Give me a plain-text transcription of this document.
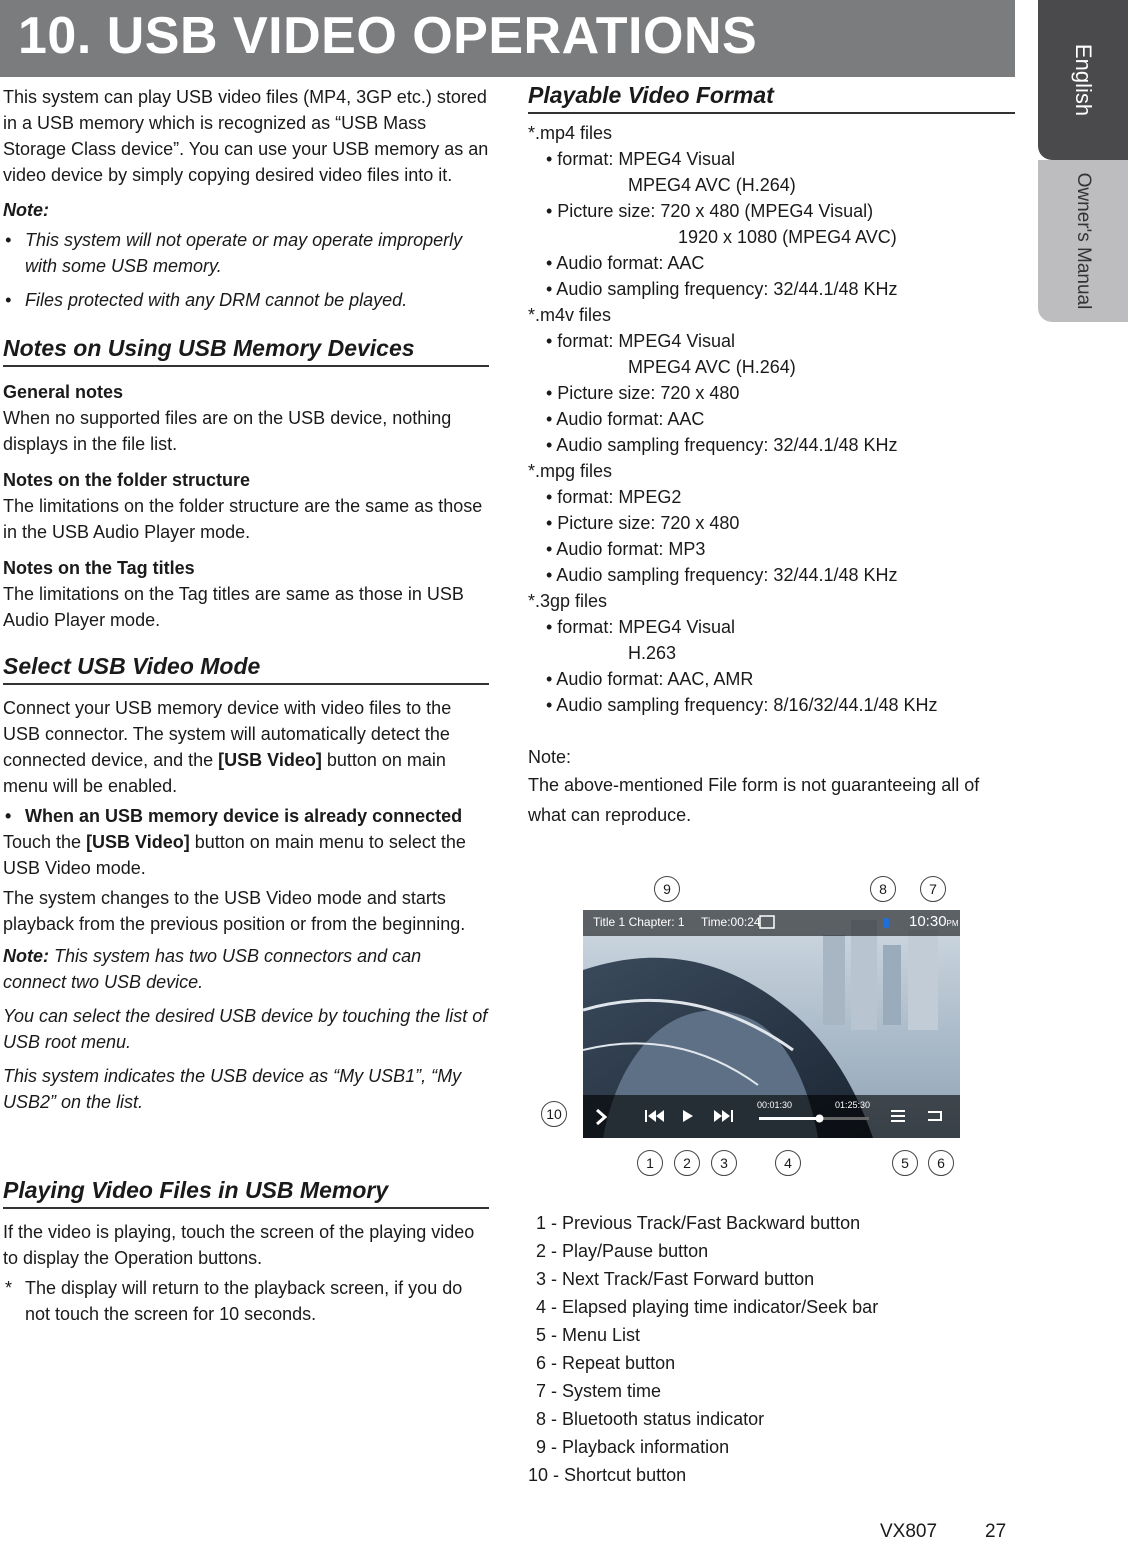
10. USB VIDEO OPERATIONS
English
Owner's Manual

This system can play USB video files (MP4, 3GP etc.) stored in a USB memory which is recognized as “USB Mass Storage Class device”. You can use your USB memory as an video device by simply copying desired video files into it.

Note:

• This system will not operate or may operate improperly with some USB memory.

• Files protected with any DRM cannot be played.

Notes on Using USB Memory Devices

General notes

When no supported files are on the USB device, nothing displays in the file list.

Notes on the folder structure

The limitations on the folder structure are the same as those in the USB Audio Player mode.

Notes on the Tag titles

The limitations on the Tag titles are same as those in USB Audio Player mode.

Select USB Video Mode

Connect your USB memory device with video files to the USB connector. The system will automatically detect the connected device, and the [USB Video] button on main menu will be enabled.

• When an USB memory device is already connected

Touch the [USB Video] button on main menu to select the USB Video mode.

The system changes to the USB Video mode and starts playback from the previous position or from the beginning.

Note: This system has two USB connectors and can connect two USB device.

You can select the desired USB device by touching the list of USB root menu.

This system indicates the USB device as “My USB1”, “My USB2” on the list.

Playing Video Files in USB Memory

If the video is playing, touch the screen of the playing video to display the Operation buttons.

* The display will return to the playback screen, if you do not touch the screen for 10 seconds.

Playable Video Format

*.mp4 files

• format: MPEG4 Visual

MPEG4 AVC (H.264)

• Picture size: 720 x 480 (MPEG4 Visual)

1920 x 1080 (MPEG4 AVC)

• Audio format: AAC

• Audio sampling frequency: 32/44.1/48 KHz

*.m4v files

• format: MPEG4 Visual

MPEG4 AVC (H.264)

• Picture size: 720 x 480

• Audio format: AAC

• Audio sampling frequency: 32/44.1/48 KHz

*.mpg files

• format: MPEG2

• Picture size: 720 x 480

• Audio format: MP3

• Audio sampling frequency: 32/44.1/48 KHz

*.3gp files

• format: MPEG4 Visual

H.263

• Audio format: AAC, AMR

• Audio sampling frequency: 8/16/32/44.1/48 KHz

Note:

The above-mentioned File form is not guaranteeing all of what can reproduce.

Title 1 Chapter: 1 Time:00:24	10:30PM
00:01:30	01:25:30
9	8	7
10
1	2	3	4	5	6

1 - Previous Track/Fast Backward button

2 - Play/Pause button

3 - Next Track/Fast Forward button

4 - Elapsed playing time indicator/Seek bar

5 - Menu List

6 - Repeat button

7 - System time

8 - Bluetooth status indicator

9 - Playback information

10 - Shortcut button

VX807	27
